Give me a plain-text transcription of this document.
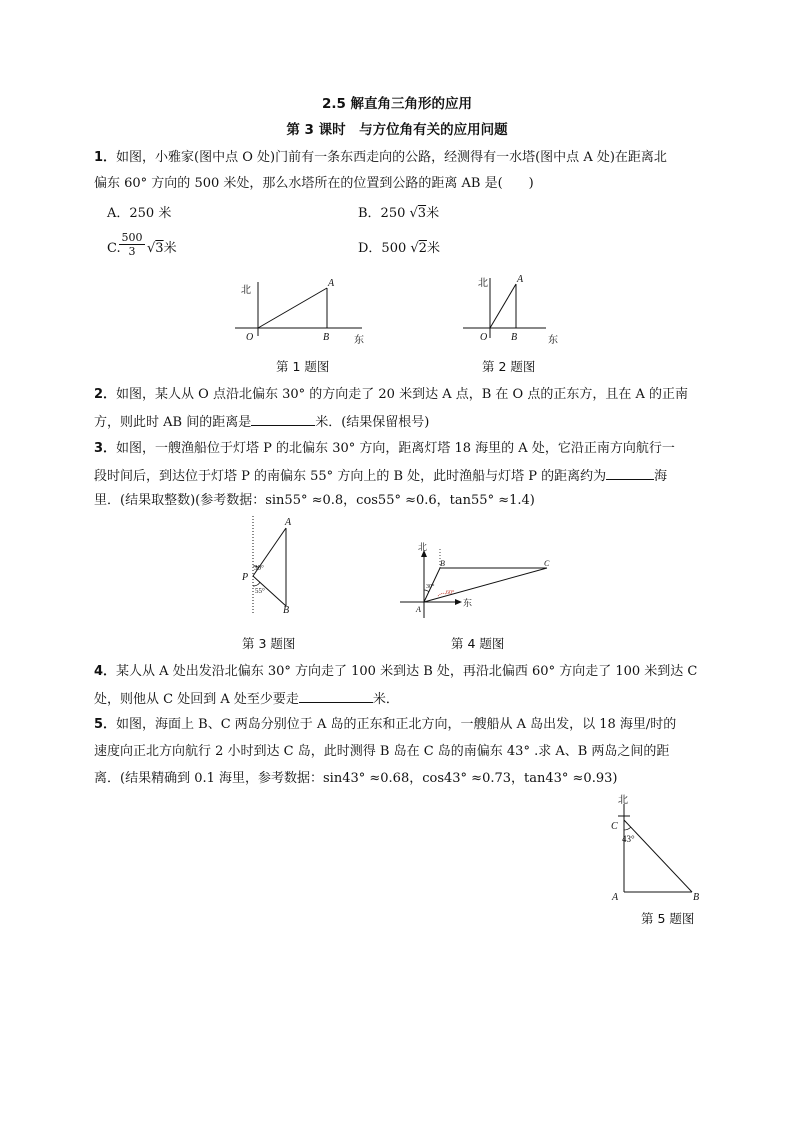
2.5 解直角三角形的应用
第 3 课时　与方位角有关的应用问题
1．如图，小雅家(图中点 O 处)门前有一条东西走向的公路，经测得有一水塔(图中点 A 处)在距离北
偏东 60° 方向的 500 米处，那么水塔所在的位置到公路的距离 AB 是(　　)
A．250 米	B．250 √3米
C.
500
3 √3米	D．500 √2米
北
东
O
A
B
第 1 题图
北
东
O
A
B
第 2 题图
2．如图，某人从 O 点沿北偏东 30° 的方向走了 20 米到达 A 点，B 在 O 点的正东方，且在 A 的正南
方，则此时 AB 间的距离是	米．(结果保留根号)
3．如图，一艘渔船位于灯塔 P 的北偏东 30° 方向，距离灯塔 18 海里的 A 处，它沿正南方向航行一
段时间后，到达位于灯塔 P 的南偏东 55° 方向上的 B 处，此时渔船与灯塔 P 的距离约为	海
里．(结果取整数)(参考数据：sin55° ≈0.8，cos55° ≈0.6，tan55° ≈1.4)
A
P
B
30°
55°
第 3 题图
北
东
A
B	C
30°
60°
第 4 题图
4．某人从 A 处出发沿北偏东 30° 方向走了 100 米到达 B 处，再沿北偏西 60° 方向走了 100 米到达 C
处，则他从 C 处回到 A 处至少要走	米．
5．如图，海面上 B、C 两岛分别位于 A 岛的正东和正北方向，一艘船从 A 岛出发，以 18 海里/时的
速度向正北方向航行 2 小时到达 C 岛，此时测得 B 岛在 C 岛的南偏东 43° .求 A、B 两岛之间的距
离．(结果精确到 0.1 海里，参考数据：sin43° ≈0.68，cos43° ≈0.73，tan43° ≈0.93)
北
C
43°
A	B
第 5 题图
